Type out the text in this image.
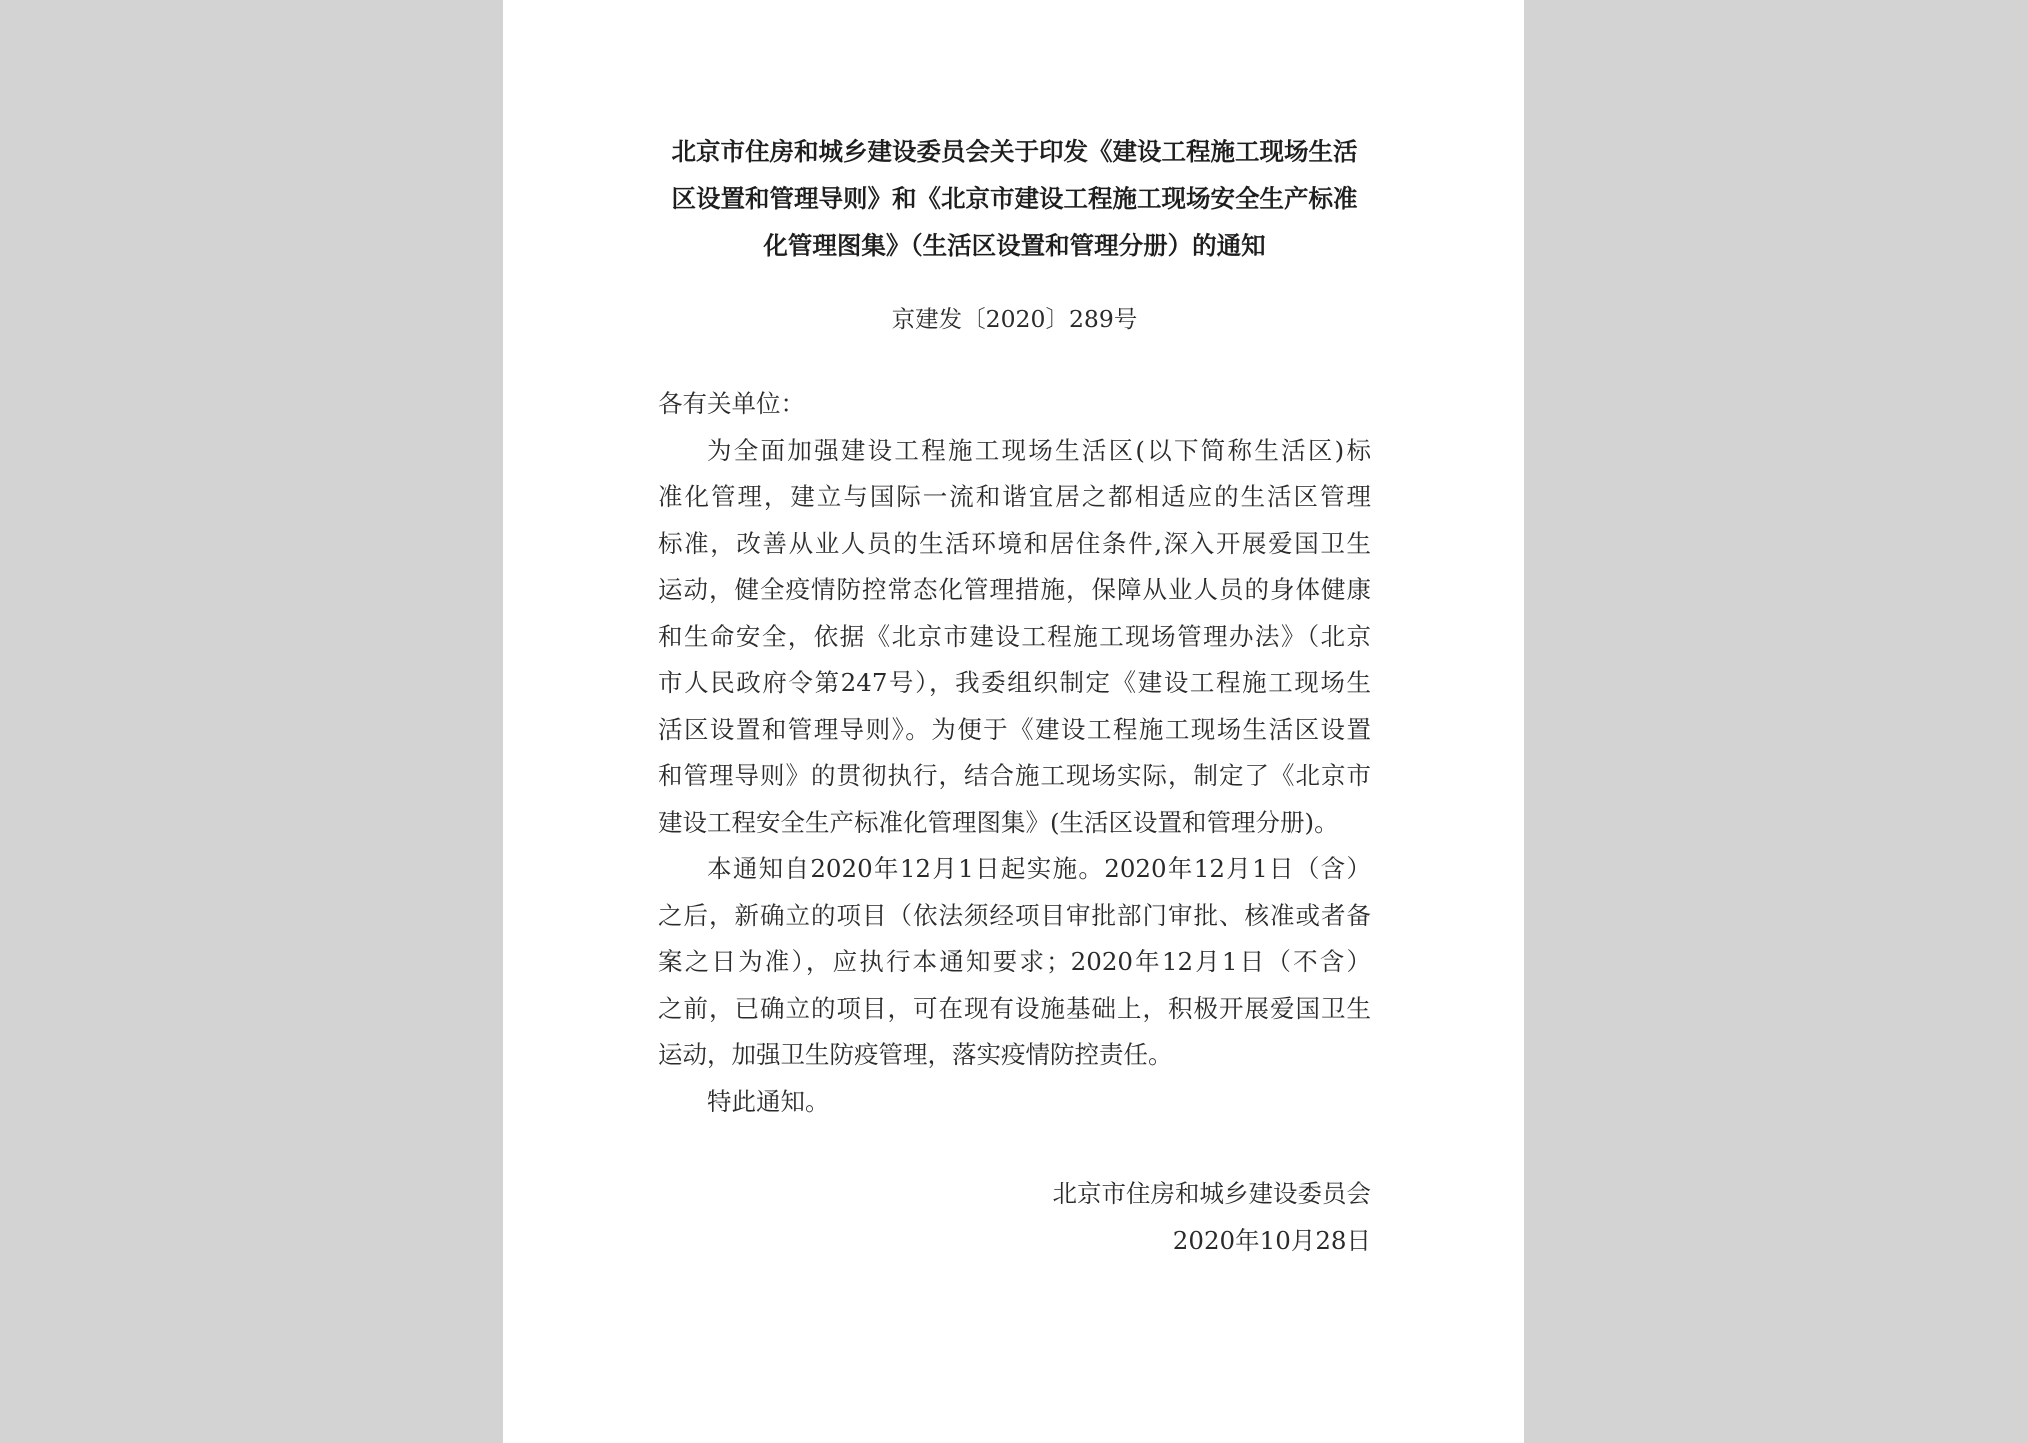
北京市住房和城乡建设委员会关于印发《建设工程施工现场生活
区设置和管理导则》和《北京市建设工程施工现场安全生产标准
化管理图集》（生活区设置和管理分册）的通知
京建发〔2020〕289号
各有关单位：
为全面加强建设工程施工现场生活区(以下简称生活区)标
准化管理，建立与国际一流和谐宜居之都相适应的生活区管理
标准，改善从业人员的生活环境和居住条件,深入开展爱国卫生
运动，健全疫情防控常态化管理措施，保障从业人员的身体健康
和生命安全，依据《北京市建设工程施工现场管理办法》（北京
市人民政府令第247号），我委组织制定《建设工程施工现场生
活区设置和管理导则》。为便于《建设工程施工现场生活区设置
和管理导则》的贯彻执行，结合施工现场实际，制定了《北京市
建设工程安全生产标准化管理图集》(生活区设置和管理分册)。
本通知自2020年12月1日起实施。2020年12月1日（含）
之后，新确立的项目（依法须经项目审批部门审批、核准或者备
案之日为准），应执行本通知要求；2020年12月1日（不含）
之前，已确立的项目，可在现有设施基础上，积极开展爱国卫生
运动，加强卫生防疫管理，落实疫情防控责任。
特此通知。
北京市住房和城乡建设委员会
2020年10月28日
